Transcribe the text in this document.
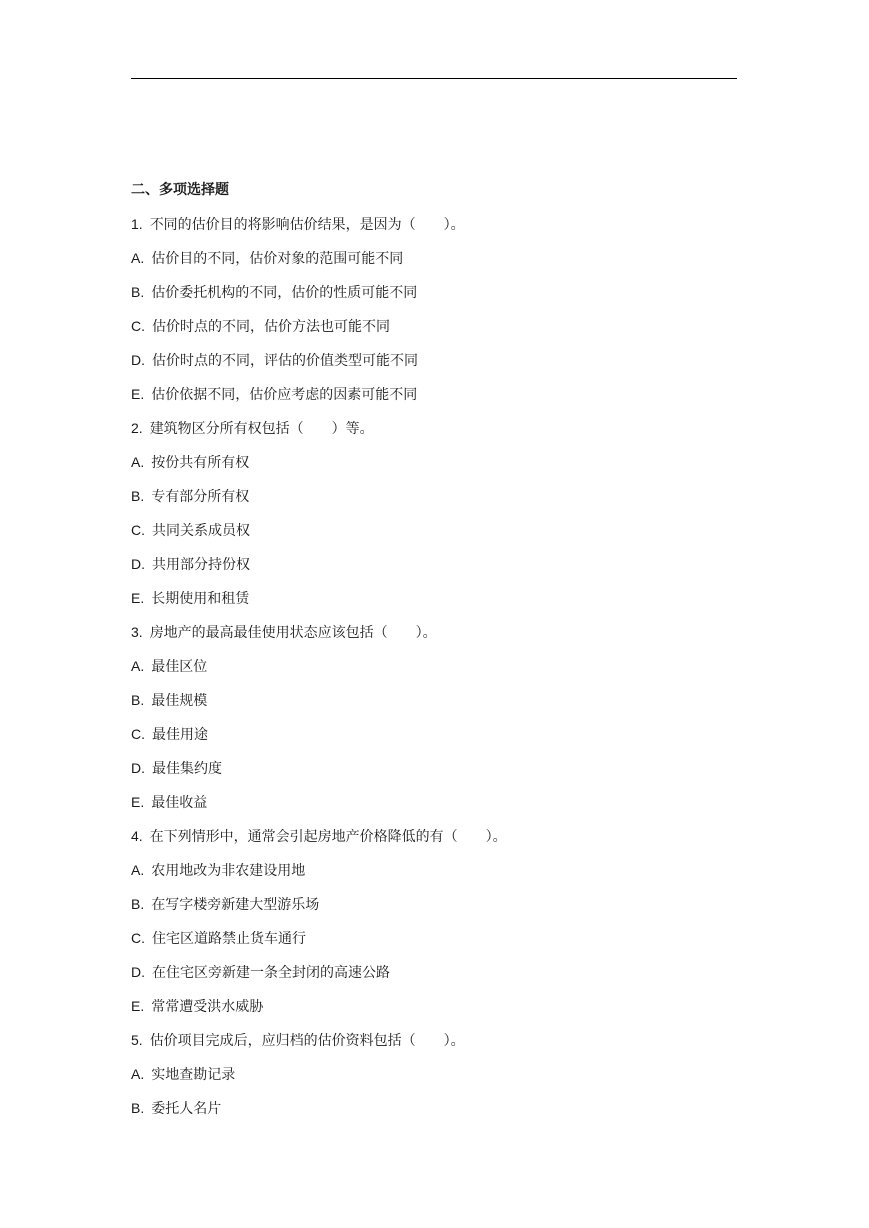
二、多项选择题
1. 不同的估价目的将影响估价结果，是因为（　　）。
A. 估价目的不同，估价对象的范围可能不同
B. 估价委托机构的不同，估价的性质可能不同
C. 估价时点的不同，估价方法也可能不同
D. 估价时点的不同，评估的价值类型可能不同
E. 估价依据不同，估价应考虑的因素可能不同
2. 建筑物区分所有权包括（　　）等。
A. 按份共有所有权
B. 专有部分所有权
C. 共同关系成员权
D. 共用部分持份权
E. 长期使用和租赁
3. 房地产的最高最佳使用状态应该包括（　　）。
A. 最佳区位
B. 最佳规模
C. 最佳用途
D. 最佳集约度
E. 最佳收益
4. 在下列情形中，通常会引起房地产价格降低的有（　　）。
A. 农用地改为非农建设用地
B. 在写字楼旁新建大型游乐场
C. 住宅区道路禁止货车通行
D. 在住宅区旁新建一条全封闭的高速公路
E. 常常遭受洪水威胁
5. 估价项目完成后，应归档的估价资料包括（　　）。
A. 实地查勘记录
B. 委托人名片
